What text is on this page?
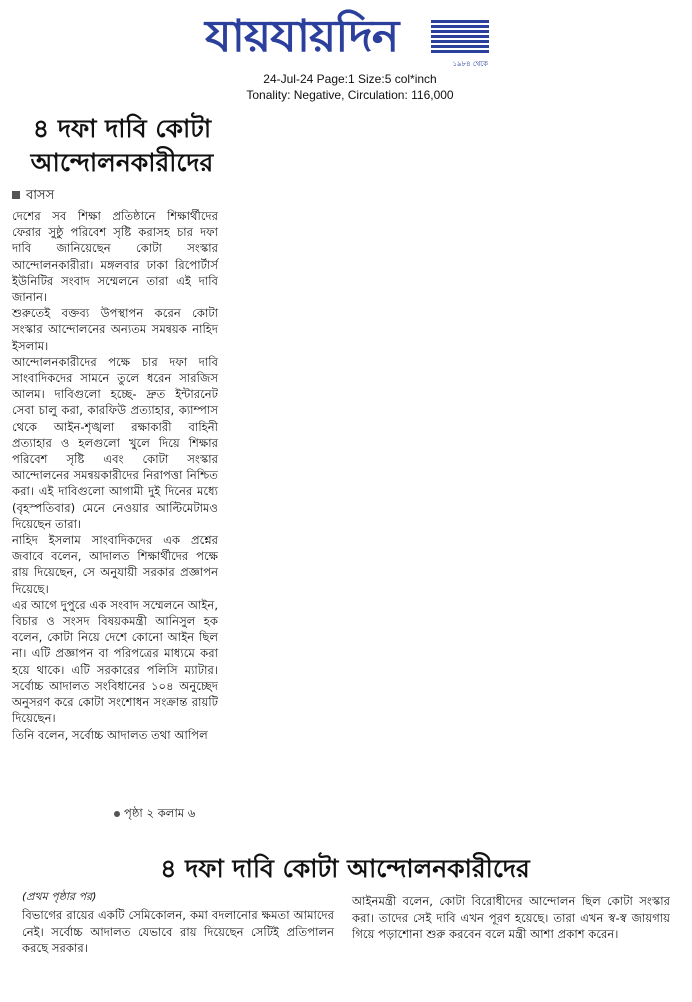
যায়যায়দিন
১৯৮৪ থেকে
24-Jul-24 Page:1 Size:5 col*inch
Tonality: Negative, Circulation: 116,000
৪ দফা দাবি কোটা
আন্দোলনকারীদের
বাসস

দেশের সব শিক্ষা প্রতিষ্ঠানে শিক্ষার্থীদের ফেরার সুষ্ঠু পরিবেশ সৃষ্টি করাসহ চার দফা দাবি জানিয়েছেন কোটা সংস্কার আন্দোলনকারীরা। মঙ্গলবার ঢাকা রিপোর্টার্স ইউনিটির সংবাদ সম্মেলনে তারা এই দাবি জানান।

শুরুতেই বক্তব্য উপস্থাপন করেন কোটা সংস্কার আন্দোলনের অন্যতম সমন্বয়ক নাহিদ ইসলাম।

আন্দোলনকারীদের পক্ষে চার দফা দাবি সাংবাদিকদের সামনে তুলে ধরেন সারজিস আলম। দাবিগুলো হচ্ছে- দ্রুত ইন্টারনেট সেবা চালু করা, কারফিউ প্রত্যাহার, ক্যাম্পাস থেকে আইন-শৃঙ্খলা রক্ষাকারী বাহিনী প্রত্যাহার ও হলগুলো খুলে দিয়ে শিক্ষার পরিবেশ সৃষ্টি এবং কোটা সংস্কার আন্দোলনের সমন্বয়কারীদের নিরাপত্তা নিশ্চিত করা। এই দাবিগুলো আগামী দুই দিনের মধ্যে (বৃহস্পতিবার) মেনে নেওয়ার আল্টিমেটামও দিয়েছেন তারা।

নাহিদ ইসলাম সাংবাদিকদের এক প্রশ্নের জবাবে বলেন, আদালত শিক্ষার্থীদের পক্ষে রায় দিয়েছেন, সে অনুযায়ী সরকার প্রজ্ঞাপন দিয়েছে।

এর আগে দুপুরে এক সংবাদ সম্মেলনে আইন, বিচার ও সংসদ বিষয়কমন্ত্রী আনিসুল হক বলেন, কোটা নিয়ে দেশে কোনো আইন ছিল না। এটি প্রজ্ঞাপন বা পরিপত্রের মাধ্যমে করা হয়ে থাকে। এটি সরকারের পলিসি ম্যাটার। সর্বোচ্চ আদালত সংবিধানের ১০৪ অনুচ্ছেদ অনুসরণ করে কোটা সংশোধন সংক্রান্ত রায়টি দিয়েছেন।

তিনি বলেন, সর্বোচ্চ আদালত তথা আপিল

পৃষ্ঠা ২ কলাম ৬
৪ দফা দাবি কোটা আন্দোলনকারীদের
(প্রথম পৃষ্ঠার পর)

বিভাগের রায়ের একটি সেমিকোলন, কমা বদলানোর ক্ষমতা আমাদের নেই। সর্বোচ্চ আদালত যেভাবে রায় দিয়েছেন সেটিই প্রতিপালন করছে সরকার।

আইনমন্ত্রী বলেন, কোটা বিরোধীদের আন্দোলন ছিল কোটা সংস্কার করা। তাদের সেই দাবি এখন পূরণ হয়েছে। তারা এখন স্ব-স্ব জায়গায় গিয়ে পড়াশোনা শুরু করবেন বলে মন্ত্রী আশা প্রকাশ করেন।
